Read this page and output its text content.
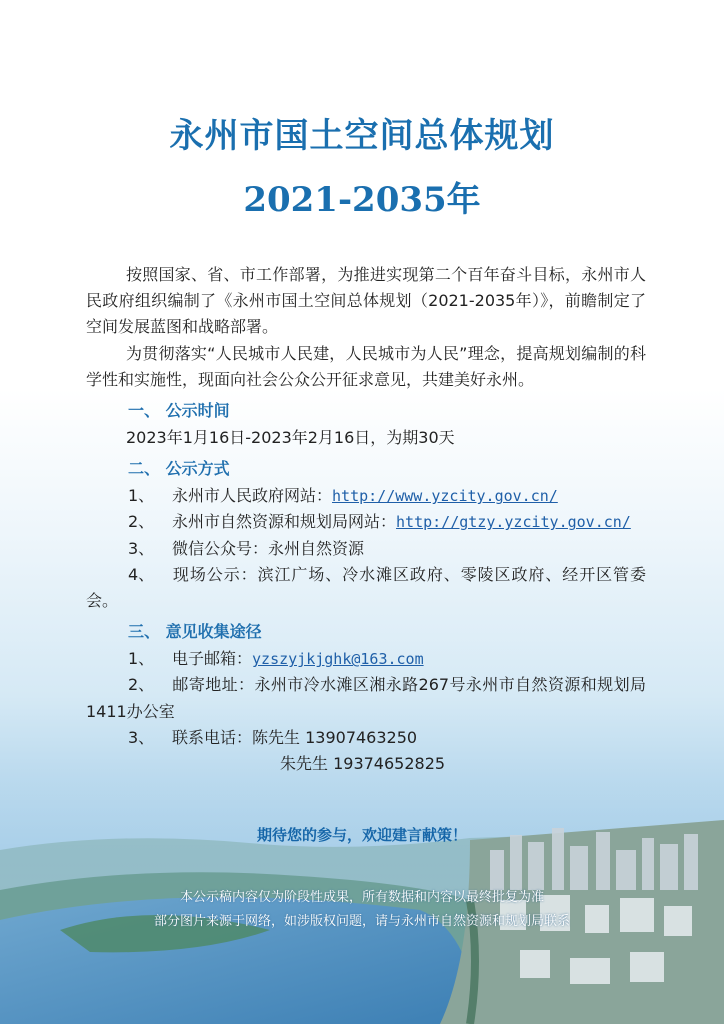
永州市国土空间总体规划
2021-2035年

按照国家、省、市工作部署，为推进实现第二个百年奋斗目标，永州市人民政府组织编制了《永州市国土空间总体规划（2021-2035年）》，前瞻制定了空间发展蓝图和战略部署。

为贯彻落实“人民城市人民建，人民城市为人民”理念，提高规划编制的科学性和实施性，现面向社会公众公开征求意见，共建美好永州。

一、 公示时间

2023年1月16日-2023年2月16日，为期30天

二、 公示方式

1、 永州市人民政府网站：http://www.yzcity.gov.cn/

2、 永州市自然资源和规划局网站：http://gtzy.yzcity.gov.cn/

3、 微信公众号：永州自然资源

4、 现场公示：滨江广场、冷水滩区政府、零陵区政府、经开区管委会。

三、 意见收集途径

1、 电子邮箱：yzszyjkjghk@163.com

2、 邮寄地址：永州市冷水滩区湘永路267号永州市自然资源和规划局1411办公室

3、 联系电话：陈先生 13907463250

朱先生 19374652825

期待您的参与，欢迎建言献策！
本公示稿内容仅为阶段性成果，所有数据和内容以最终批复为准
部分图片来源于网络，如涉版权问题，请与永州市自然资源和规划局联系
